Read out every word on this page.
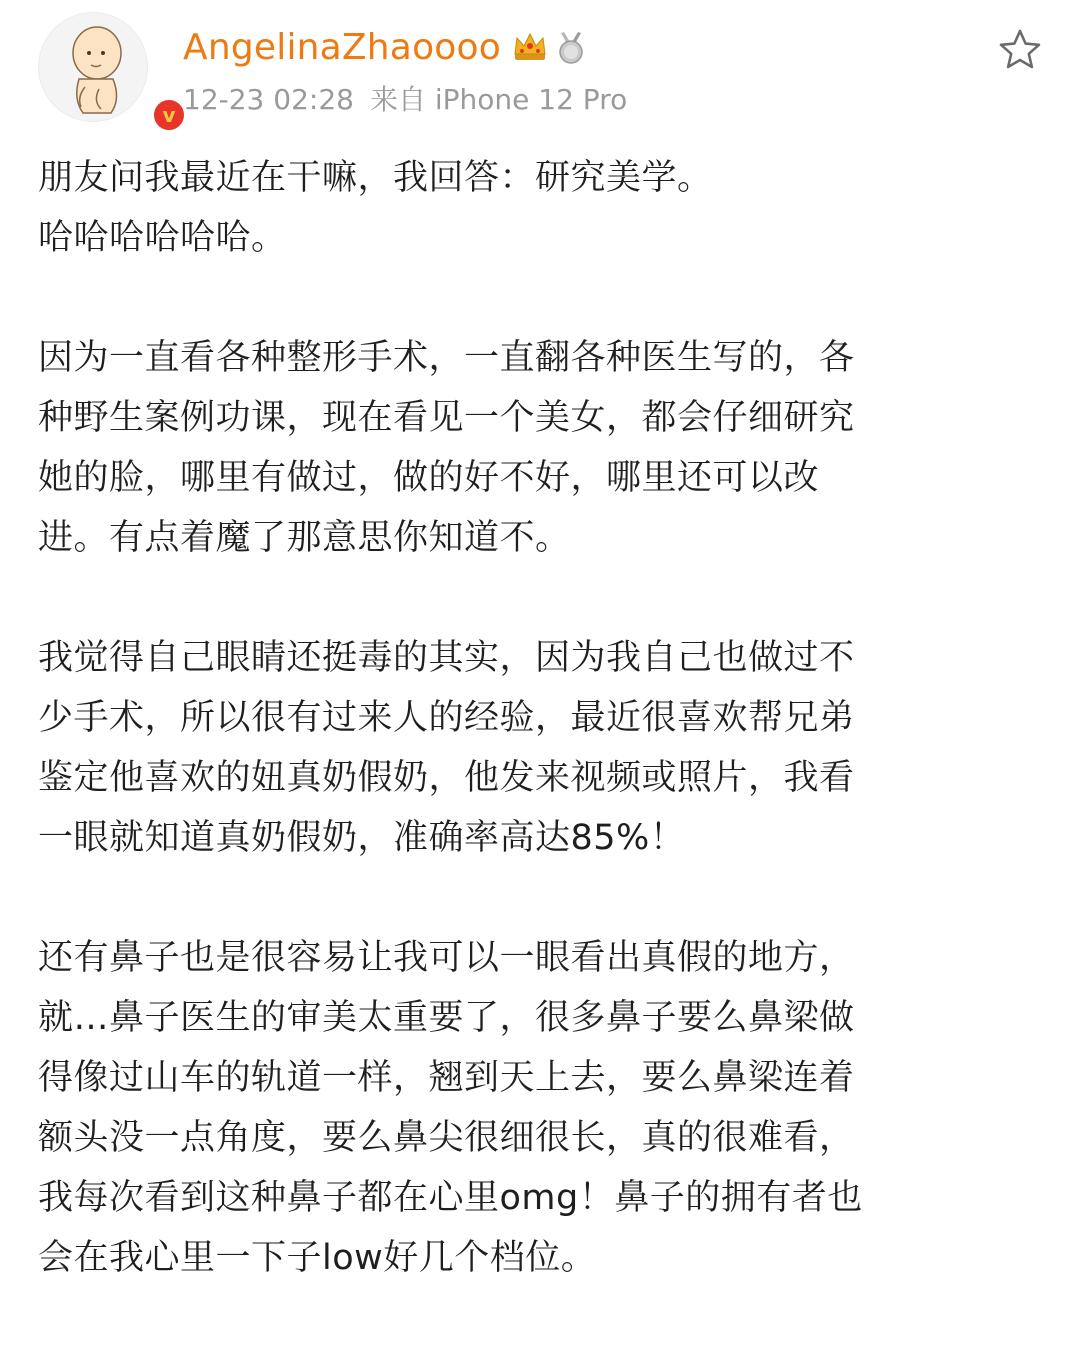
v
AngelinaZhaoooo
12-23 02:28 来自 iPhone 12 Pro

朋友问我最近在干嘛，我回答：研究美学。
哈哈哈哈哈哈。

因为一直看各种整形手术，一直翻各种医生写的，各
种野生案例功课，现在看见一个美女，都会仔细研究
她的脸，哪里有做过，做的好不好，哪里还可以改
进。有点着魔了那意思你知道不。

我觉得自己眼睛还挺毒的其实，因为我自己也做过不
少手术，所以很有过来人的经验，最近很喜欢帮兄弟
鉴定他喜欢的妞真奶假奶，他发来视频或照片，我看
一眼就知道真奶假奶，准确率高达85%！

还有鼻子也是很容易让我可以一眼看出真假的地方，
就…鼻子医生的审美太重要了，很多鼻子要么鼻梁做
得像过山车的轨道一样，翘到天上去，要么鼻梁连着
额头没一点角度，要么鼻尖很细很长，真的很难看，
我每次看到这种鼻子都在心里omg！鼻子的拥有者也
会在我心里一下子low好几个档位。
